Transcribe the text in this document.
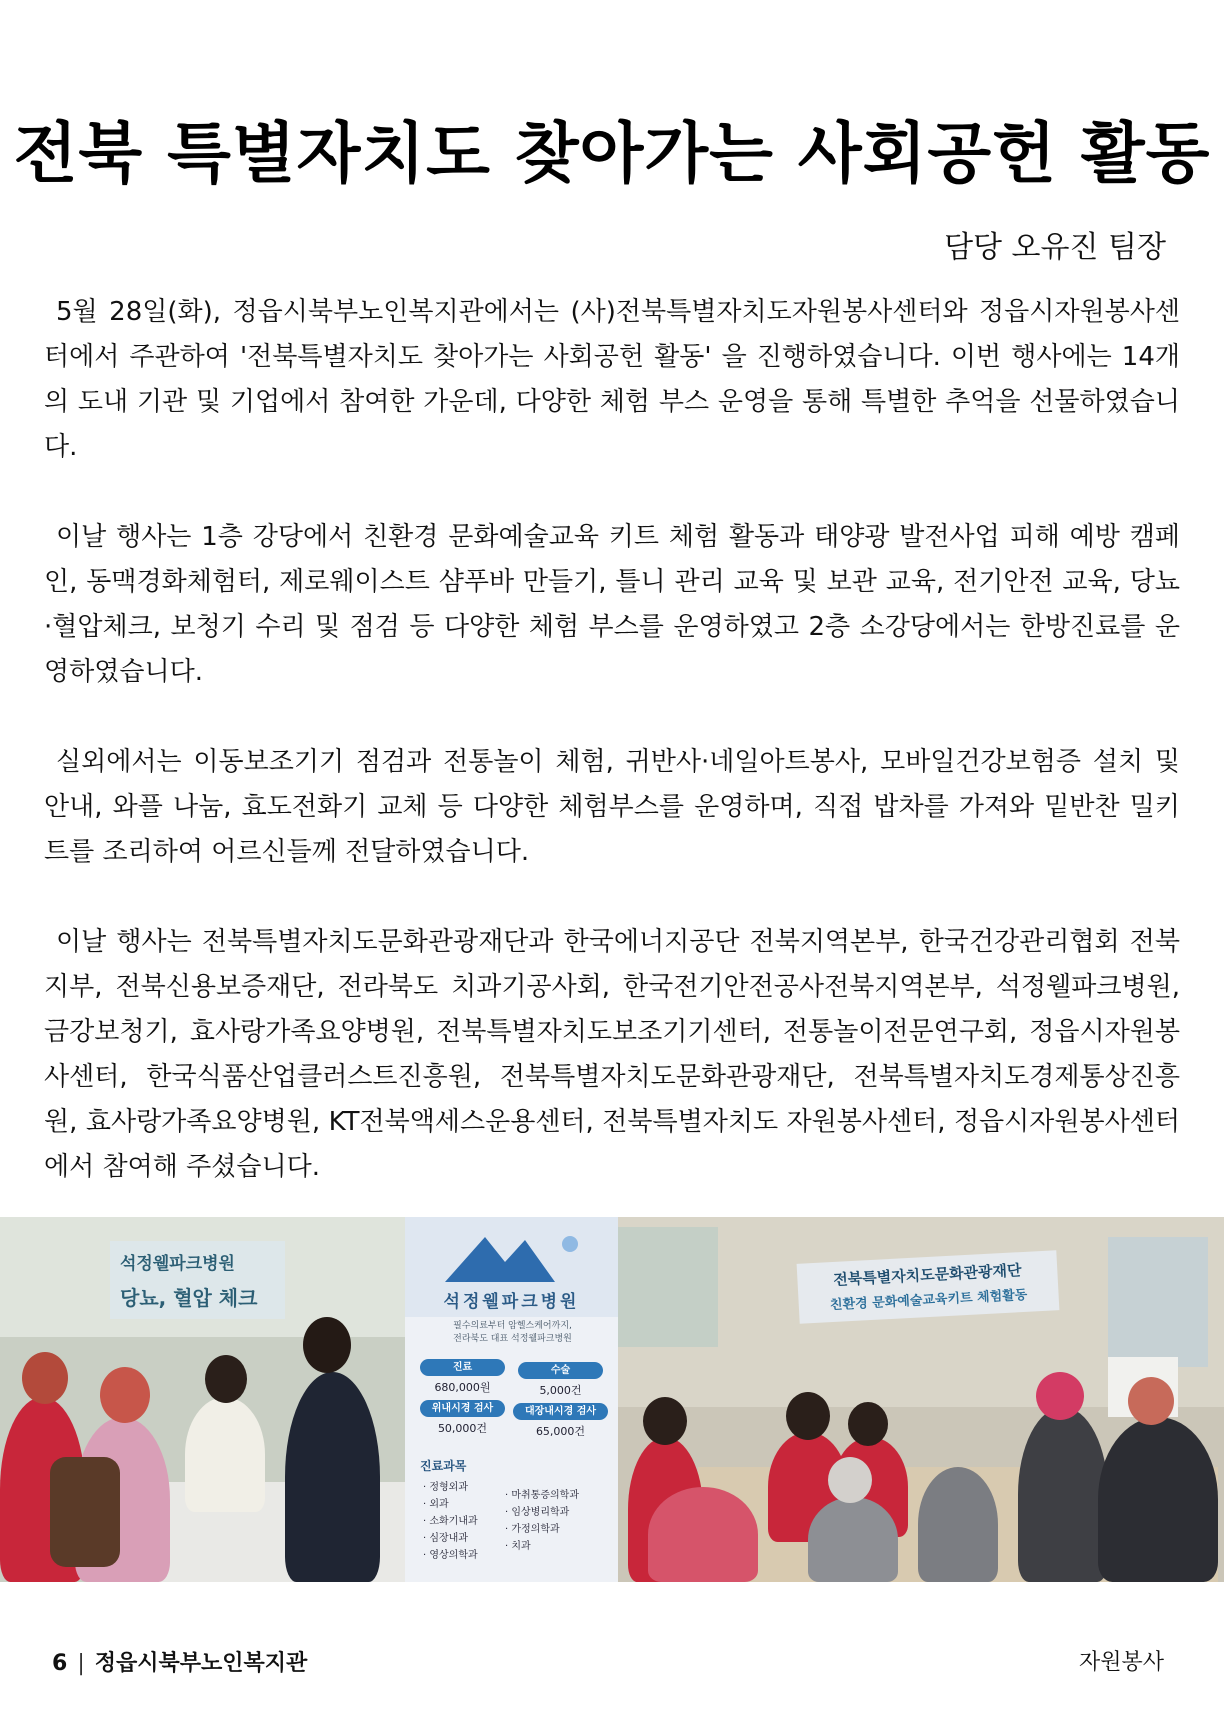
전북 특별자치도 찾아가는 사회공헌 활동
담당 오유진 팀장

5월 28일(화), 정읍시북부노인복지관에서는 (사)전북특별자치도자원봉사센터와 정읍시자원봉사센터에서 주관하여 '전북특별자치도 찾아가는 사회공헌 활동' 을 진행하였습니다. 이번 행사에는 14개의 도내 기관 및 기업에서 참여한 가운데, 다양한 체험 부스 운영을 통해 특별한 추억을 선물하였습니다.

이날 행사는 1층 강당에서 친환경 문화예술교육 키트 체험 활동과 태양광 발전사업 피해 예방 캠페인, 동맥경화체험터, 제로웨이스트 샴푸바 만들기, 틀니 관리 교육 및 보관 교육, 전기안전 교육, 당뇨·혈압체크, 보청기 수리 및 점검 등 다양한 체험 부스를 운영하였고 2층 소강당에서는 한방진료를 운영하였습니다.

실외에서는 이동보조기기 점검과 전통놀이 체험, 귀반사·네일아트봉사, 모바일건강보험증 설치 및 안내, 와플 나눔, 효도전화기 교체 등 다양한 체험부스를 운영하며, 직접 밥차를 가져와 밑반찬 밀키트를 조리하여 어르신들께 전달하였습니다.

이날 행사는 전북특별자치도문화관광재단과 한국에너지공단 전북지역본부, 한국건강관리협회 전북지부, 전북신용보증재단, 전라북도 치과기공사회, 한국전기안전공사전북지역본부, 석정웰파크병원, 금강보청기, 효사랑가족요양병원, 전북특별자치도보조기기센터, 전통놀이전문연구회, 정읍시자원봉사센터, 한국식품산업클러스트진흥원, 전북특별자치도문화관광재단, 전북특별자치도경제통상진흥원, 효사랑가족요양병원, KT전북액세스운용센터, 전북특별자치도 자원봉사센터, 정읍시자원봉사센터에서 참여해 주셨습니다.

석정웰파크병원
당뇨, 혈압 체크	석정웰파크병원
필수의료부터 암헬스케어까지,
전라북도 대표 석정웰파크병원
진료
680,000원
수술
5,000건
위내시경 검사
50,000건
대장내시경 검사
65,000건
진료과목
· 정형외과
· 외과
· 소화기내과
· 심장내과
· 영상의학과
· 마취통증의학과
· 임상병리학과
· 가정의학과
· 치과
전북특별자치도문화관광재단
친환경 문화예술교육키트 체험활동
6 | 정읍시북부노인복지관	자원봉사
